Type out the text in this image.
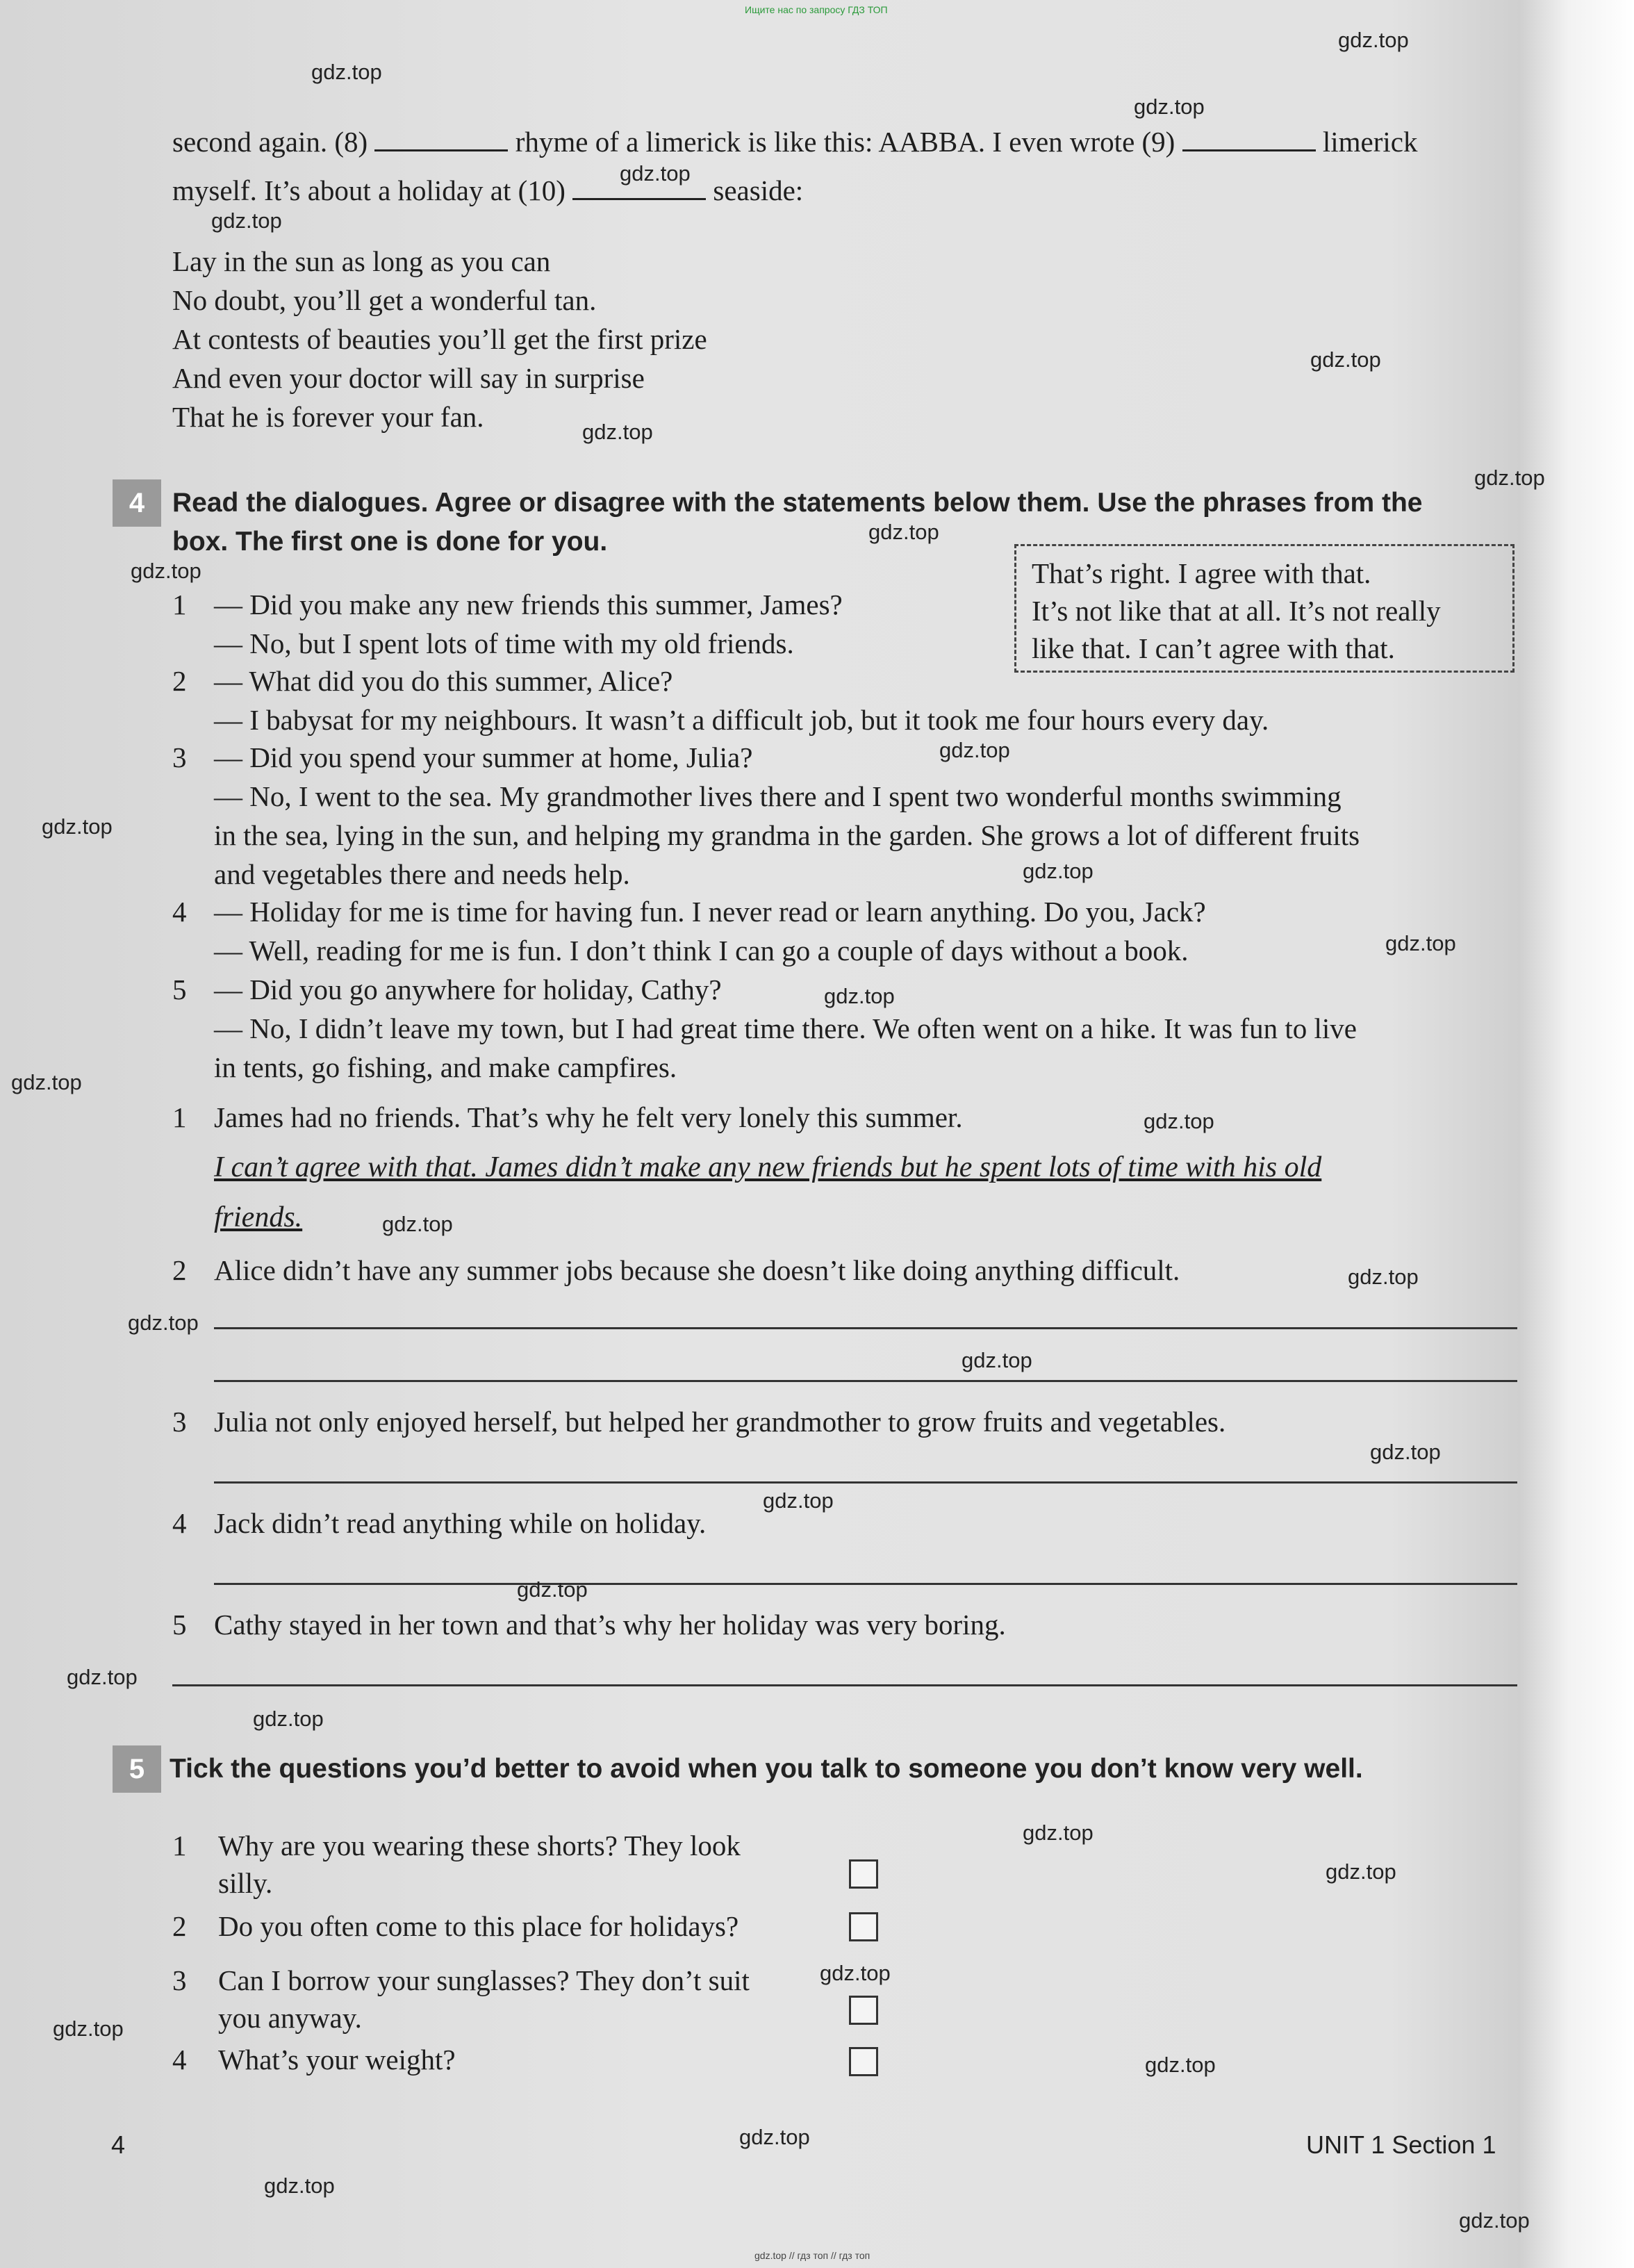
Ищите нас по запросу ГДЗ ТОП
second again. (8)	rhyme of a limerick is like this: AABBA. I even wrote (9)	limerick
myself. It’s about a holiday at (10)	seaside:
Lay in the sun as long as you can
No doubt, you’ll get a wonderful tan.
At contests of beauties you’ll get the first prize
And even your doctor will say in surprise
That he is forever your fan.
4	Read the dialogues. Agree or disagree with the statements below them. Use the phrases from the
box. The first one is done for you.
That’s right. I agree with that.
It’s not like that at all. It’s not really
like that. I can’t agree with that.
1 — Did you make any new friends this summer, James?
— No, but I spent lots of time with my old friends.
2 — What did you do this summer, Alice?
— I babysat for my neighbours. It wasn’t a difficult job, but it took me four hours every day.
3 — Did you spend your summer at home, Julia?
— No, I went to the sea. My grandmother lives there and I spent two wonderful months swimming
in the sea, lying in the sun, and helping my grandma in the garden. She grows a lot of different fruits
and vegetables there and needs help.
4 — Holiday for me is time for having fun. I never read or learn anything. Do you, Jack?
— Well, reading for me is fun. I don’t think I can go a couple of days without a book.
5 — Did you go anywhere for holiday, Cathy?
— No, I didn’t leave my town, but I had great time there. We often went on a hike. It was fun to live
in tents, go fishing, and make campfires.
1 James had no friends. That’s why he felt very lonely this summer.
I can’t agree with that. James didn’t make any new friends but he spent lots of time with his old
friends.
2 Alice didn’t have any summer jobs because she doesn’t like doing anything difficult.
3 Julia not only enjoyed herself, but helped her grandmother to grow fruits and vegetables.
4 Jack didn’t read anything while on holiday.
5 Cathy stayed in her town and that’s why her holiday was very boring.
5 Tick the questions you’d better to avoid when you talk to someone you don’t know very well.
1 Why are you wearing these shorts? They look
silly.
2 Do you often come to this place for holidays?
3 Can I borrow your sunglasses? They don’t suit
you anyway.
4 What’s your weight?
4	UNIT 1 Section 1
gdz.top // гдз топ // гдз топ
gdz.top
gdz.top
gdz.top
gdz.top
gdz.top
gdz.top
gdz.top
gdz.top
gdz.top
gdz.top
gdz.top
gdz.top
gdz.top
gdz.top
gdz.top
gdz.top
gdz.top
gdz.top
gdz.top
gdz.top
gdz.top
gdz.top
gdz.top
gdz.top
gdz.top
gdz.top
gdz.top
gdz.top
gdz.top
gdz.top
gdz.top
gdz.top
gdz.top
gdz.top
